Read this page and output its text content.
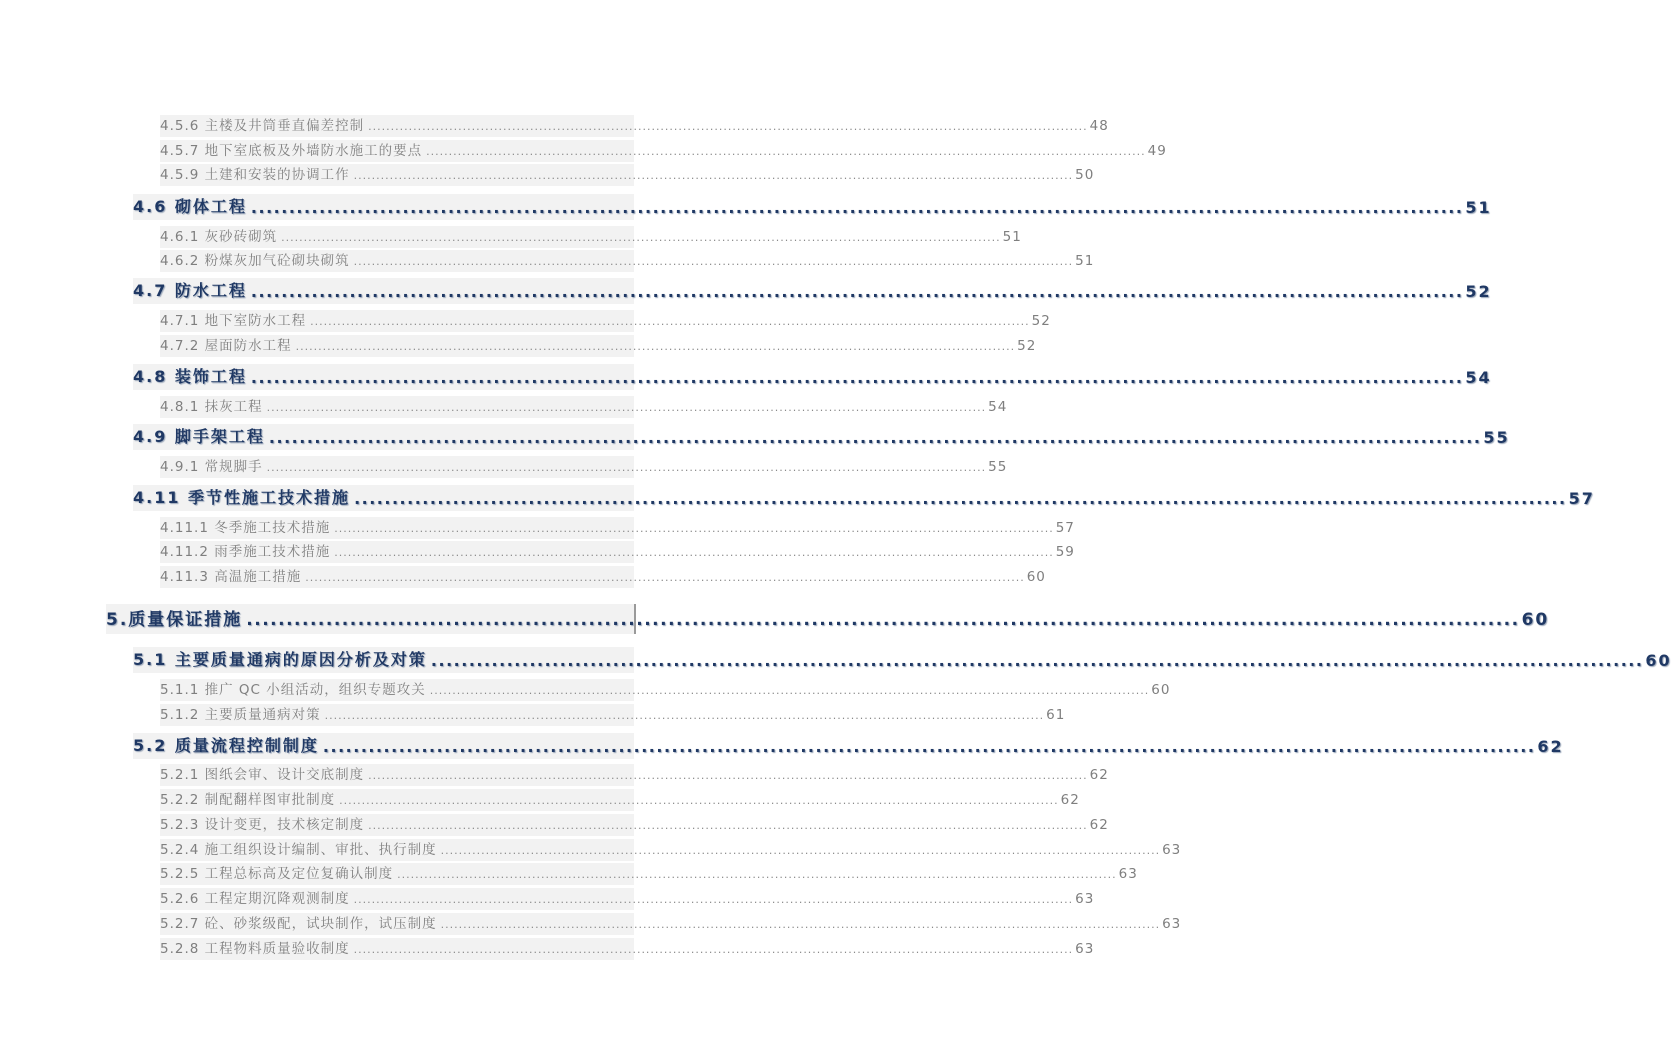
4.5.6 主楼及井筒垂直偏差控制 ................................................................................................................................................................ 48
4.5.7 地下室底板及外墙防水施工的要点 ................................................................................................................................................................ 49
4.5.9 土建和安装的协调工作 ................................................................................................................................................................ 50
4.6 砌体工程 ................................................................................................................................................................ 51
4.6.1 灰砂砖砌筑 ................................................................................................................................................................ 51
4.6.2 粉煤灰加气砼砌块砌筑 ................................................................................................................................................................ 51
4.7 防水工程 ................................................................................................................................................................ 52
4.7.1 地下室防水工程 ................................................................................................................................................................ 52
4.7.2 屋面防水工程 ................................................................................................................................................................ 52
4.8 装饰工程 ................................................................................................................................................................ 54
4.8.1 抹灰工程 ................................................................................................................................................................ 54
4.9 脚手架工程 ................................................................................................................................................................ 55
4.9.1 常规脚手 ................................................................................................................................................................ 55
4.11 季节性施工技术措施 ................................................................................................................................................................ 57
4.11.1 冬季施工技术措施 ................................................................................................................................................................ 57
4.11.2 雨季施工技术措施 ................................................................................................................................................................ 59
4.11.3 高温施工措施 ................................................................................................................................................................ 60
5.质量保证措施 ................................................................................................................................................................ 60
5.1 主要质量通病的原因分析及对策 ................................................................................................................................................................ 60
5.1.1 推广 QC 小组活动，组织专题攻关 ................................................................................................................................................................ 60
5.1.2 主要质量通病对策 ................................................................................................................................................................ 61
5.2 质量流程控制制度 ................................................................................................................................................................ 62
5.2.1 图纸会审、设计交底制度 ................................................................................................................................................................ 62
5.2.2 制配翻样图审批制度 ................................................................................................................................................................ 62
5.2.3 设计变更，技术核定制度 ................................................................................................................................................................ 62
5.2.4 施工组织设计编制、审批、执行制度 ................................................................................................................................................................ 63
5.2.5 工程总标高及定位复确认制度 ................................................................................................................................................................ 63
5.2.6 工程定期沉降观测制度 ................................................................................................................................................................ 63
5.2.7 砼、砂浆级配，试块制作，试压制度 ................................................................................................................................................................ 63
5.2.8 工程物料质量验收制度 ................................................................................................................................................................ 63
